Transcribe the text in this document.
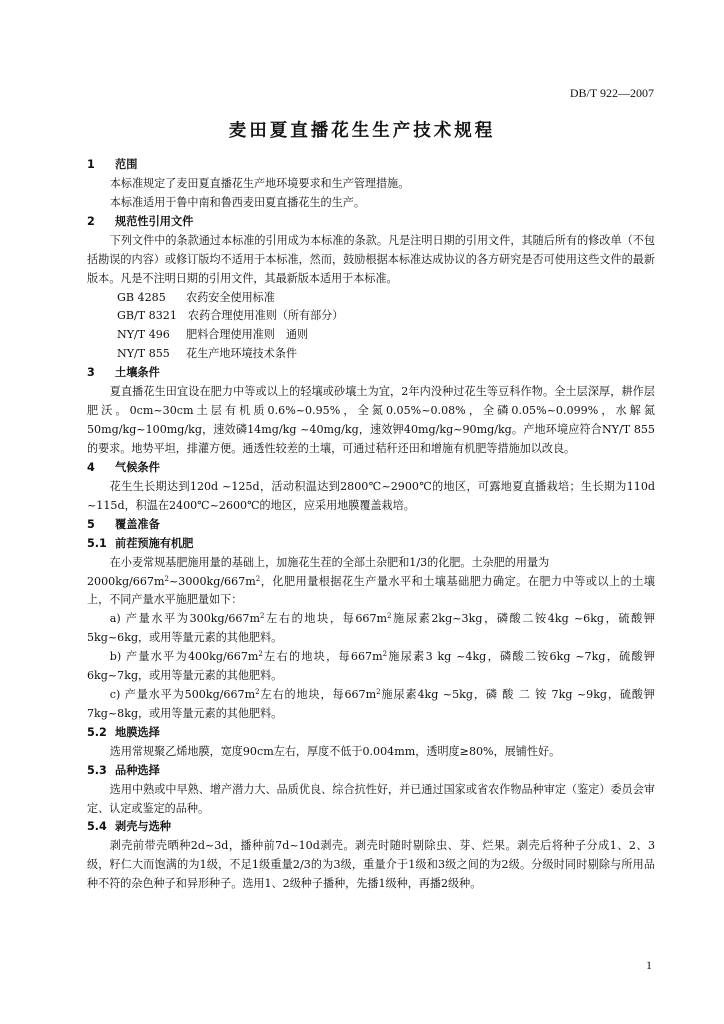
DB/T 922—2007
麦田夏直播花生生产技术规程
1 范围

本标准规定了麦田夏直播花生产地环境要求和生产管理措施。

本标准适用于鲁中南和鲁西麦田夏直播花生的生产。

2 规范性引用文件

下列文件中的条款通过本标准的引用成为本标准的条款。凡是注明日期的引用文件，其随后所有的修改单（不包括勘误的内容）或修订版均不适用于本标准，然而，鼓励根据本标准达成协议的各方研究是否可使用这些文件的最新版本。凡是不注明日期的引用文件，其最新版本适用于本标准。

GB 4285　 农药安全使用标准

GB/T 8321　 农药合理使用准则（所有部分）

NY/T 496　 肥料合理使用准则　通则

NY/T 855　 花生产地环境技术条件

3 土壤条件

夏直播花生田宜设在肥力中等或以上的轻壤或砂壤土为宜，2年内没种过花生等豆科作物。全土层深厚，耕作层肥沃。0cm~30cm土层有机质0.6%~0.95%，全氮0.05%~0.08%，全磷0.05%~0.099%，水解氮50mg/kg~100mg/kg，速效磷14mg/kg ~40mg/kg，速效钾40mg/kg~90mg/kg。产地环境应符合NY/T 855的要求。地势平坦，排灌方便。通透性较差的土壤，可通过秸秆还田和增施有机肥等措施加以改良。

4 气候条件

花生生长期达到120d ~125d，活动积温达到2800℃~2900℃的地区，可露地夏直播栽培；生长期为110d ~115d，积温在2400℃~2600℃的地区，应采用地膜覆盖栽培。

5 覆盖准备
5.1 前茬预施有机肥

在小麦常规基肥施用量的基础上，加施花生茬的全部土杂肥和1/3的化肥。土杂肥的用量为

$2000kg/667m^2\sim 3000kg/667m^2$，化肥用量根据花生产量水平和土壤基础肥力确定。在肥力中等或以上的土壤上，不同产量水平施肥量如下：

a) 产量水平为$300kg/667m^2$左右的地块，每$667m^2$施尿素2kg~3kg，磷酸二铵4kg ~6kg，硫酸钾5kg~6kg，或用等量元素的其他肥料。

b) 产量水平为$400kg/667m^2$左右的地块，每$667m^2$施尿素3 kg ~4kg，磷酸二铵6kg ~7kg，硫酸钾6kg~7kg，或用等量元素的其他肥料。

c) 产量水平为$500kg/667m^2$左右的地块，每$667m^2$施尿素4kg ~5kg，磷 酸 二 铵 7kg ~9kg，硫酸钾7kg~8kg，或用等量元素的其他肥料。

5.2 地膜选择

选用常规聚乙烯地膜，宽度90cm左右，厚度不低于0.004mm，透明度≥80%，展铺性好。

5.3 品种选择

选用中熟或中早熟、增产潜力大、品质优良、综合抗性好，并已通过国家或省农作物品种审定（鉴定）委员会审定、认定或鉴定的品种。

5.4 剥壳与选种

剥壳前带壳晒种2d~3d，播种前7d~10d剥壳。剥壳时随时剔除虫、芽、烂果。剥壳后将种子分成1、2、3级，籽仁大而饱满的为1级，不足1级重量2/3的为3级，重量介于1级和3级之间的为2级。分级时同时剔除与所用品种不符的杂色种子和异形种子。选用1、2级种子播种，先播1级种，再播2级种。

1
